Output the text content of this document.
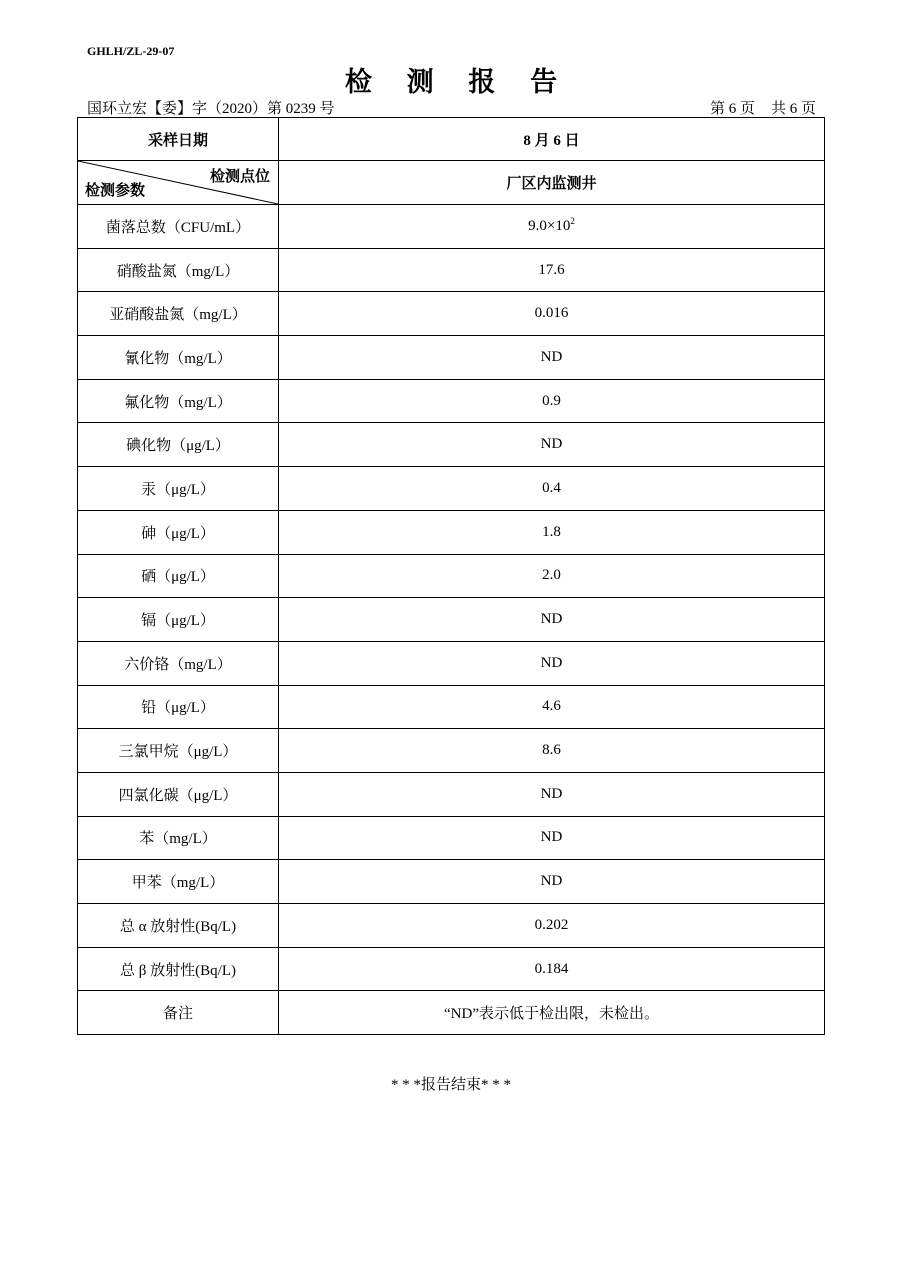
GHLH/ZL-29-07
检 测 报 告
国环立宏【委】字（2020）第 0239 号	第 6 页 共 6 页
采样日期	8 月 6 日

检测点位
检测参数	厂区内监测井
菌落总数（CFU/mL）	$9.0\times 10^2$
硝酸盐氮（mg/L）	17.6
亚硝酸盐氮（mg/L）	0.016
氰化物（mg/L）	ND
氟化物（mg/L）	0.9
碘化物（μg/L）	ND
汞（μg/L）	0.4
砷（μg/L）	1.8
硒（μg/L）	2.0
镉（μg/L）	ND
六价铬（mg/L）	ND
铅（μg/L）	4.6
三氯甲烷（μg/L）	8.6
四氯化碳（μg/L）	ND
苯（mg/L）	ND
甲苯（mg/L）	ND
总 α 放射性(Bq/L)	0.202
总 β 放射性(Bq/L)	0.184
备注	“ND”表示低于检出限，未检出。
* * *报告结束* * *
